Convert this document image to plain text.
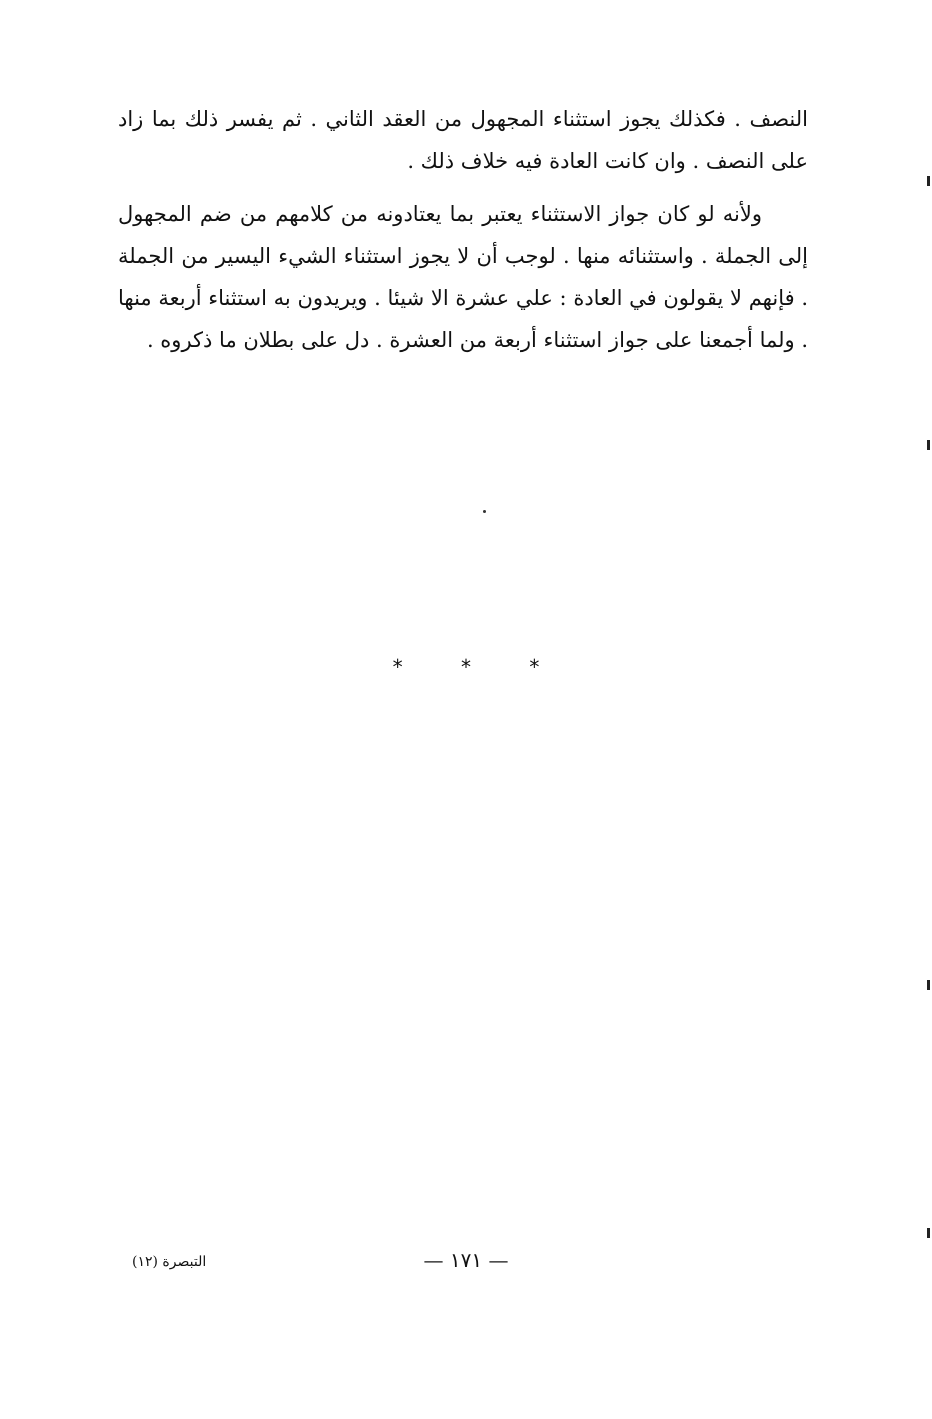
النصف . فكذلك يجوز استثناء المجهول من العقد الثاني . ثم يفسر ذلك بما زاد على النصف . وان كانت العادة فيه خلاف ذلك .

ولأنه لو كان جواز الاستثناء يعتبر بما يعتادونه من كلامهم من ضم المجهول إلى الجملة . واستثنائه منها . لوجب أن لا يجوز استثناء الشيء اليسير من الجملة . فإنهم لا يقولون في العادة : علي عشرة الا شيئا . ويريدون به استثناء أربعة منها . ولما أجمعنا على جواز استثناء أربعة من العشرة . دل على بطلان ما ذكروه .

* * *
— ١٧١ —
التبصرة (١٢)
